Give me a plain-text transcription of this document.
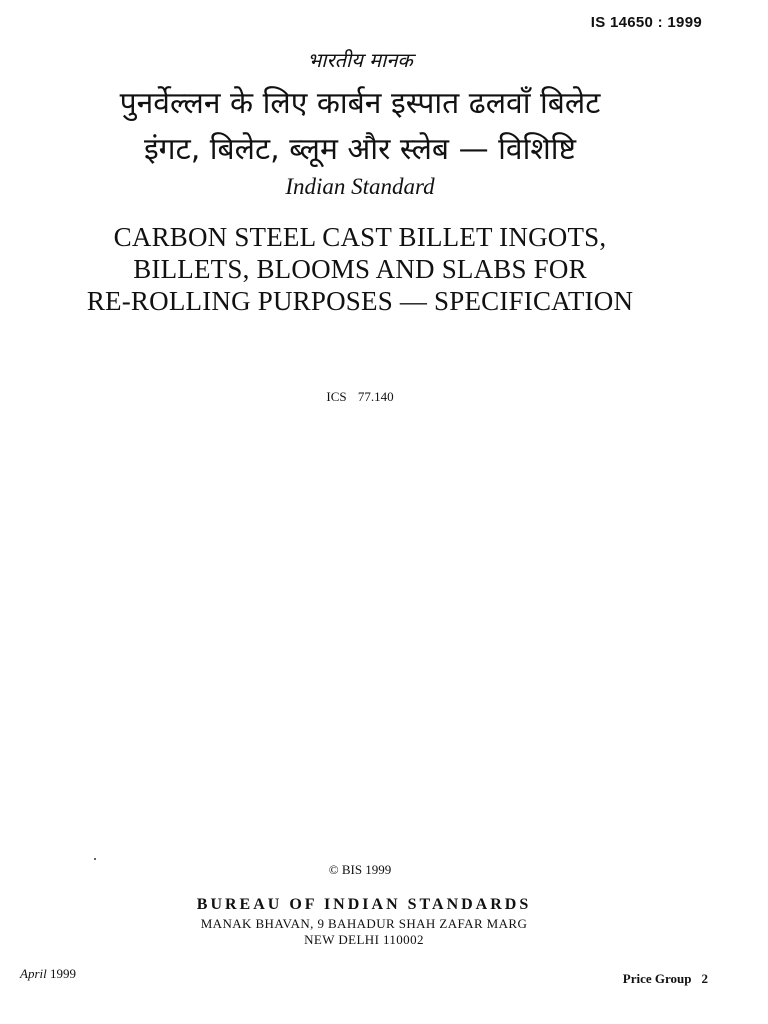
IS 14650 : 1999
भारतीय मानक
पुनर्वेल्लन के लिए कार्बन इस्पात ढलवाँ बिलेट
इंगट, बिलेट, ब्लूम और स्लेब — विशिष्टि
Indian Standard
CARBON STEEL CAST BILLET INGOTS,
BILLETS, BLOOMS AND SLABS FOR
RE-ROLLING PURPOSES — SPECIFICATION
ICS 77.140
© BIS 1999
BUREAU OF INDIAN STANDARDS
MANAK BHAVAN, 9 BAHADUR SHAH ZAFAR MARG
NEW DELHI 110002
April 1999	Price Group 2
